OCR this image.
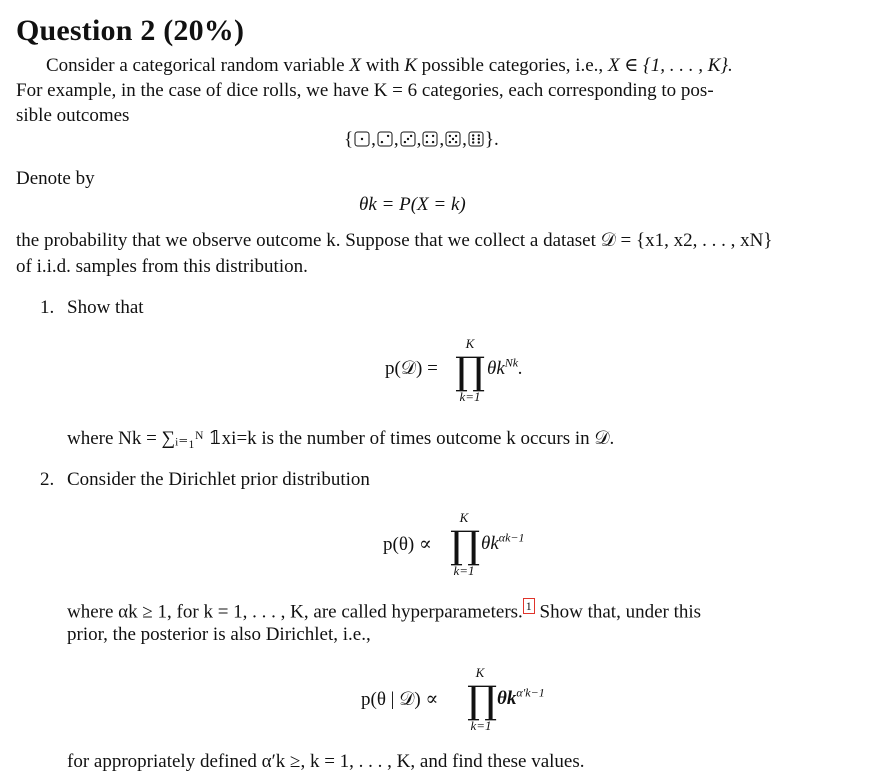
Question 2 (20%)
Consider a categorical random variable X with K possible categories, i.e., X ∈ {1, . . . , K}.
For example, in the case of dice rolls, we have K = 6 categories, each corresponding to pos-
sible outcomes
{ , , , , , }.
Denote by
θk = P(X = k)
the probability that we observe outcome k. Suppose that we collect a dataset 𝒟 = {x1, x2, . . . , xN}
of i.i.d. samples from this distribution.
1. Show that
p(𝒟) =
K
∏
k=1
$\theta k^{Nk}$.
where Nk = ∑ᵢ₌₁ᴺ 𝟙xi=k is the number of times outcome k occurs in 𝒟.
2. Consider the Dirichlet prior distribution
p(θ) ∝
K
∏
k=1
$\theta k^{\alpha k-1}$
where αk ≥ 1, for k = 1, . . . , K, are called hyperparameters. 1 Show that, under this
prior, the posterior is also Dirichlet, i.e.,
p(θ | 𝒟) ∝
K
∏
k=1
$\theta k^{\alpha'k-1}$
for appropriately defined α′k ≥, k = 1, . . . , K, and find these values.
